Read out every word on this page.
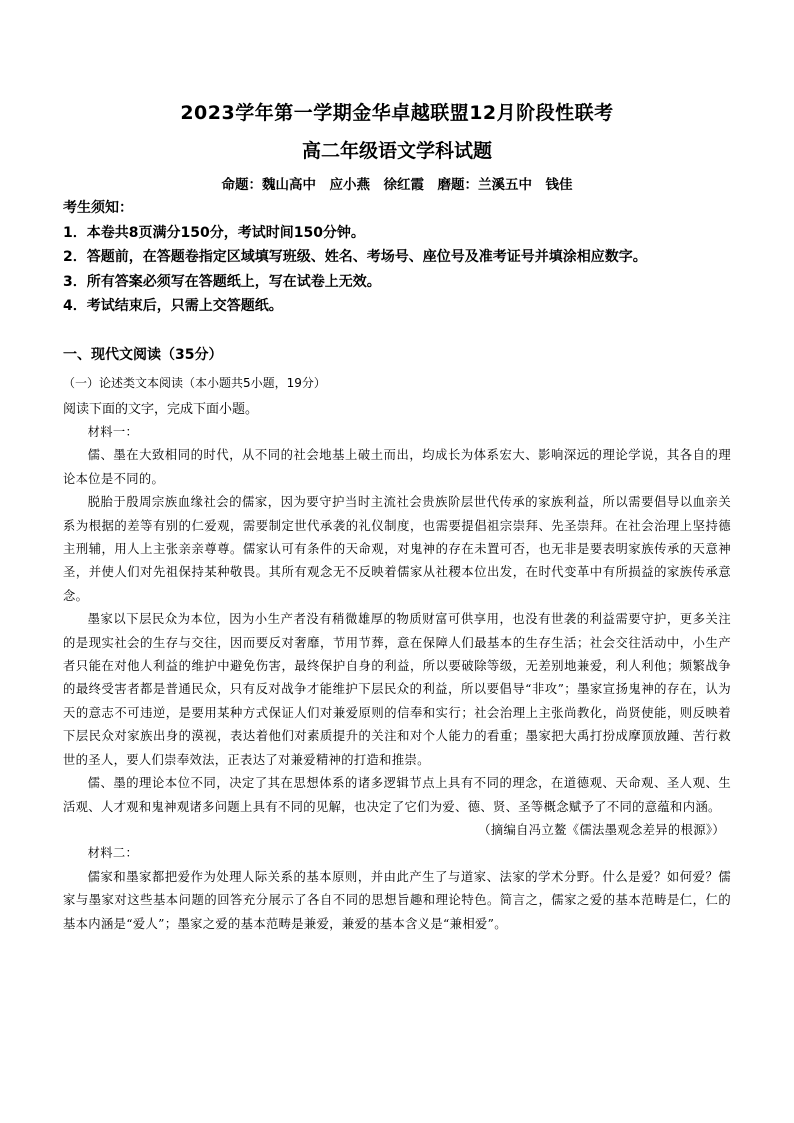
2023学年第一学期金华卓越联盟12月阶段性联考
高二年级语文学科试题
命题：魏山高中　应小燕　徐红霞　磨题：兰溪五中　钱佳
考生须知：
1．本卷共8页满分150分，考试时间150分钟。
2．答题前，在答题卷指定区域填写班级、姓名、考场号、座位号及准考证号并填涂相应数字。
3．所有答案必须写在答题纸上，写在试卷上无效。
4．考试结束后，只需上交答题纸。
一、现代文阅读（35分）
（一）论述类文本阅读（本小题共5小题，19分）
阅读下面的文字，完成下面小题。

材料一：

儒、墨在大致相同的时代，从不同的社会地基上破土而出，均成长为体系宏大、影响深远的理论学说，其各自的理论本位是不同的。

脱胎于殷周宗族血缘社会的儒家，因为要守护当时主流社会贵族阶层世代传承的家族利益，所以需要倡导以血亲关系为根据的差等有别的仁爱观，需要制定世代承袭的礼仪制度，也需要提倡祖宗崇拜、先圣崇拜。在社会治理上坚持德主刑辅，用人上主张亲亲尊尊。儒家认可有条件的天命观，对鬼神的存在未置可否，也无非是要表明家族传承的天意神圣，并使人们对先祖保持某种敬畏。其所有观念无不反映着儒家从社稷本位出发，在时代变革中有所损益的家族传承意念。

墨家以下层民众为本位，因为小生产者没有稍微雄厚的物质财富可供享用，也没有世袭的利益需要守护，更多关注的是现实社会的生存与交往，因而要反对奢靡，节用节葬，意在保障人们最基本的生存生活；社会交往活动中，小生产者只能在对他人利益的维护中避免伤害，最终保护自身的利益，所以要破除等级，无差别地兼爱，利人利他；频繁战争的最终受害者都是普通民众，只有反对战争才能维护下层民众的利益，所以要倡导“非攻”；墨家宣扬鬼神的存在，认为天的意志不可违逆，是要用某种方式保证人们对兼爱原则的信奉和实行；社会治理上主张尚教化，尚贤使能，则反映着下层民众对家族出身的漠视，表达着他们对素质提升的关注和对个人能力的看重；墨家把大禹打扮成摩顶放踵、苦行救世的圣人，要人们崇奉效法，正表达了对兼爱精神的打造和推崇。

儒、墨的理论本位不同，决定了其在思想体系的诸多逻辑节点上具有不同的理念，在道德观、天命观、圣人观、生活观、人才观和鬼神观诸多问题上具有不同的见解，也决定了它们为爱、德、贤、圣等概念赋予了不同的意蕴和内涵。

（摘编自冯立鳌《儒法墨观念差异的根源》）

材料二：

儒家和墨家都把爱作为处理人际关系的基本原则，并由此产生了与道家、法家的学术分野。什么是爱？如何爱？儒家与墨家对这些基本问题的回答充分展示了各自不同的思想旨趣和理论特色。简言之，儒家之爱的基本范畴是仁，仁的基本内涵是“爱人”；墨家之爱的基本范畴是兼爱，兼爱的基本含义是“兼相爱”。
